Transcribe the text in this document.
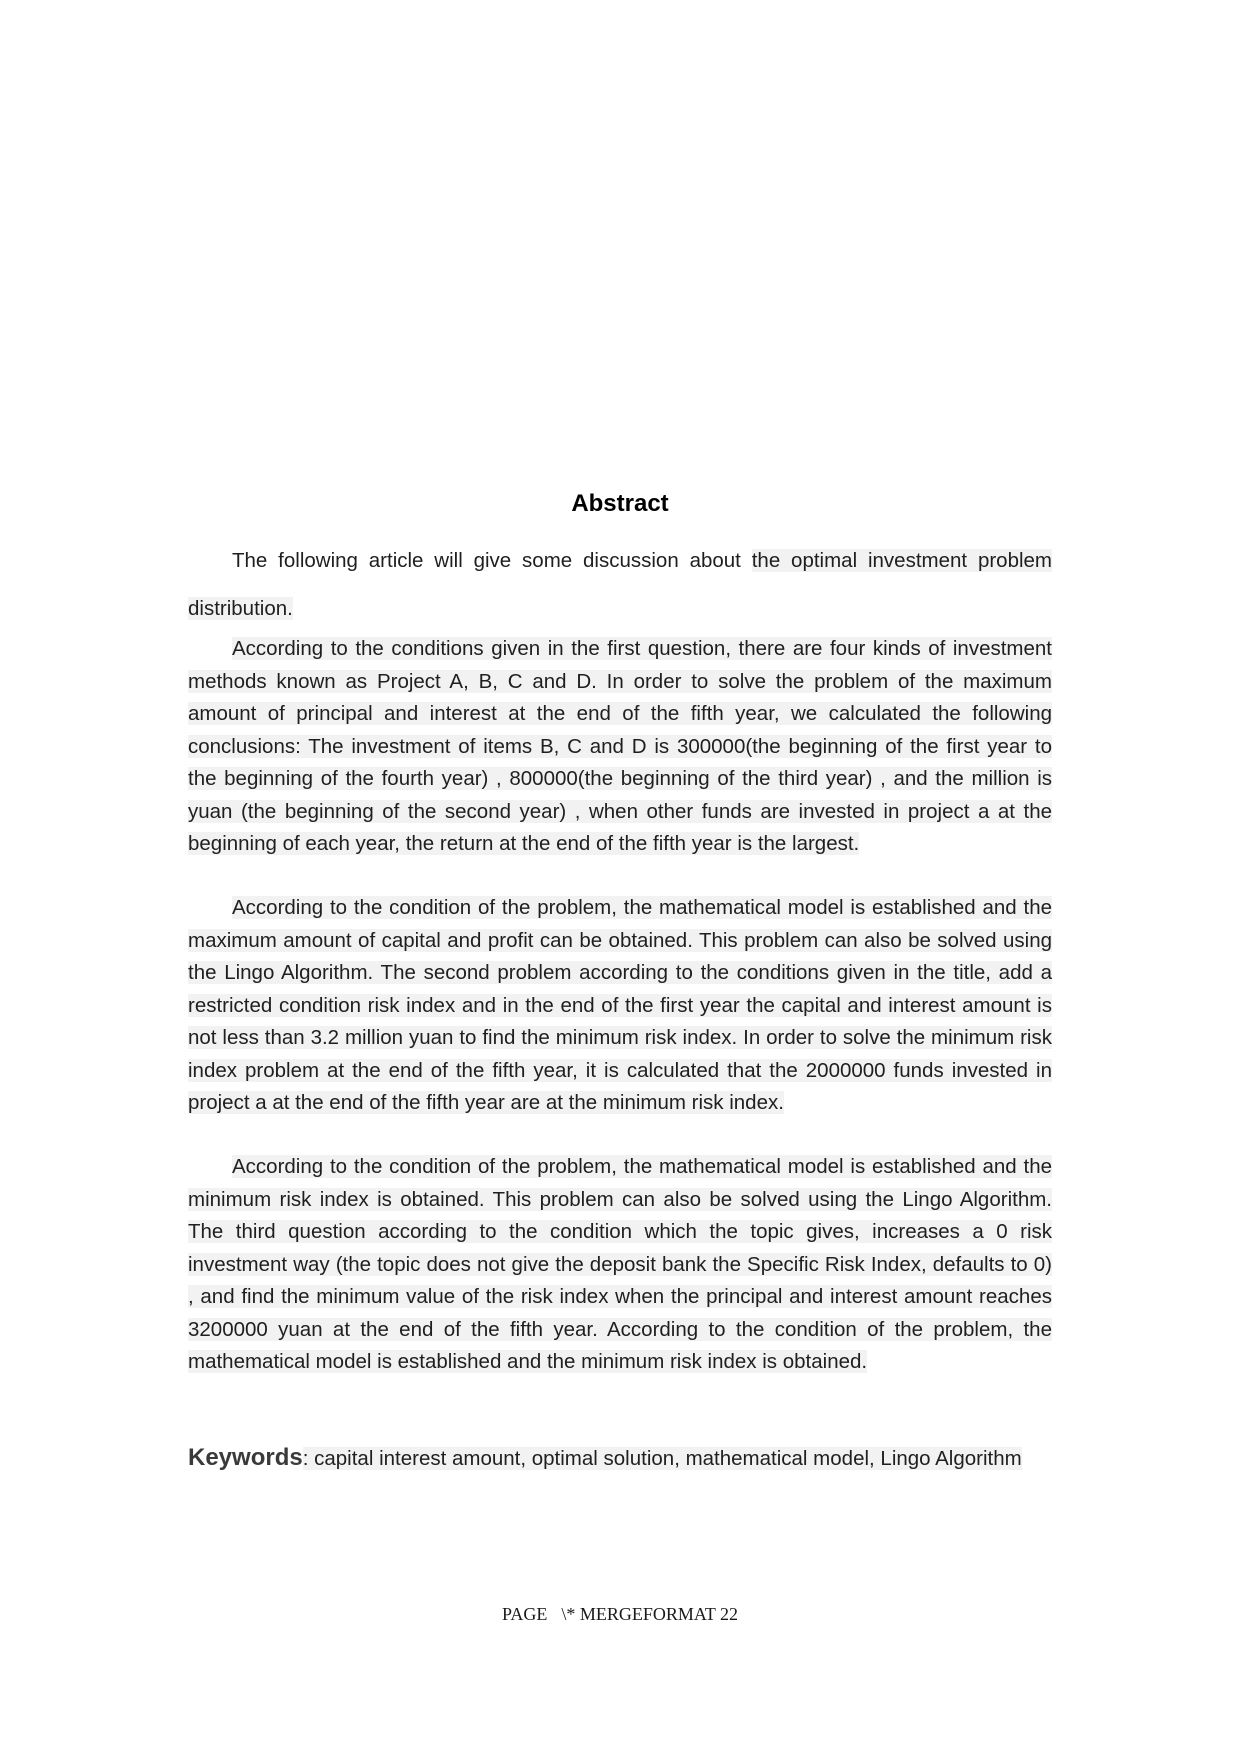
Abstract

The following article will give some discussion about the optimal investment problem distribution.

According to the conditions given in the first question, there are four kinds of investment methods known as Project A, B, C and D. In order to solve the problem of the maximum amount of principal and interest at the end of the fifth year, we calculated the following conclusions: The investment of items B, C and D is 300000(the beginning of the first year to the beginning of the fourth year) , 800000(the beginning of the third year) , and the million is yuan (the beginning of the second year) , when other funds are invested in project a at the beginning of each year, the return at the end of the fifth year is the largest.

According to the condition of the problem, the mathematical model is established and the maximum amount of capital and profit can be obtained. This problem can also be solved using the Lingo Algorithm. The second problem according to the conditions given in the title, add a restricted condition risk index and in the end of the first year the capital and interest amount is not less than 3.2 million yuan to find the minimum risk index. In order to solve the minimum risk index problem at the end of the fifth year, it is calculated that the 2000000 funds invested in project a at the end of the fifth year are at the minimum risk index.

According to the condition of the problem, the mathematical model is established and the minimum risk index is obtained. This problem can also be solved using the Lingo Algorithm. The third question according to the condition which the topic gives, increases a 0 risk investment way (the topic does not give the deposit bank the Specific Risk Index, defaults to 0) , and find the minimum value of the risk index when the principal and interest amount reaches 3200000 yuan at the end of the fifth year. According to the condition of the problem, the mathematical model is established and the minimum risk index is obtained.

Keywords: capital interest amount, optimal solution, mathematical model, Lingo Algorithm
PAGE \* MERGEFORMAT 22
